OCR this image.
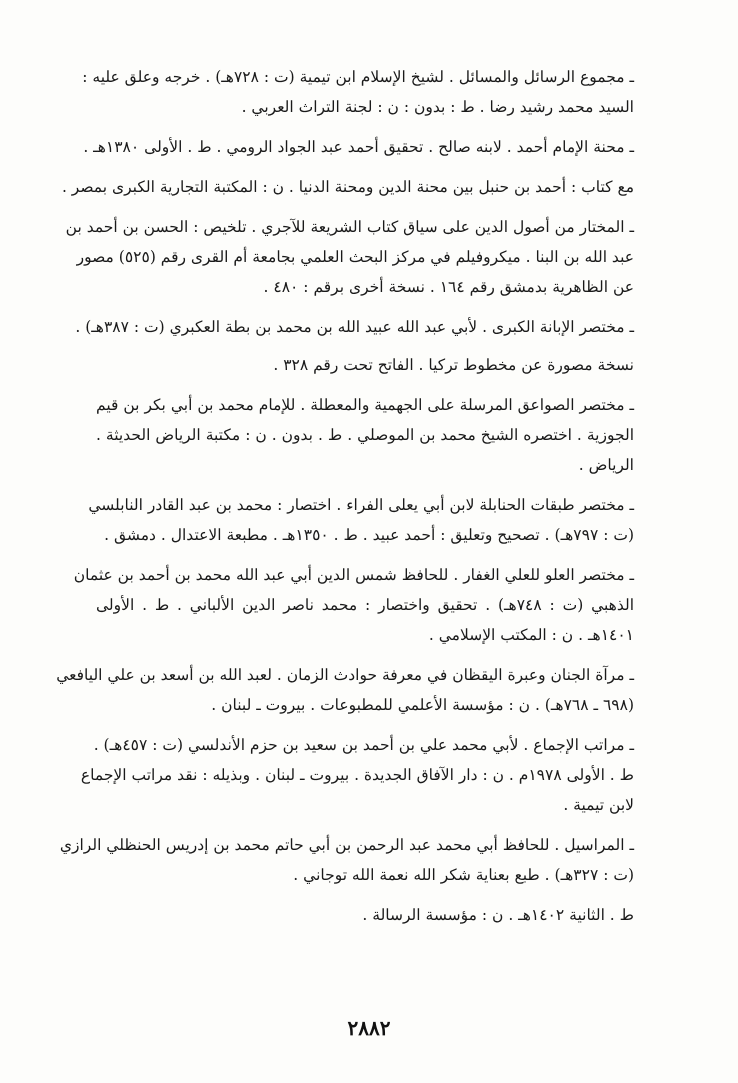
ـ مجموع الرسائل والمسائل . لشيخ الإسلام ابن تيمية (ت : ٧٢٨هـ) . خرجه وعلق عليه :
السيد محمد رشيد رضا . ط : بدون : ن : لجنة التراث العربي .
ـ محنة الإمام أحمد . لابنه صالح . تحقيق أحمد عبد الجواد الرومي . ط . الأولى ١٣٨٠هـ .
مع كتاب : أحمد بن حنبل بين محنة الدين ومحنة الدنيا . ن : المكتبة التجارية الكبرى بمصر .
ـ المختار من أصول الدين على سياق كتاب الشريعة للآجري . تلخيص : الحسن بن أحمد بن
عبد الله بن البنا . ميكروفيلم في مركز البحث العلمي بجامعة أم القرى رقم (٥٢٥) مصور
عن الظاهرية بدمشق رقم ١٦٤ . نسخة أخرى برقم : ٤٨٠ .
ـ مختصر الإبانة الكبرى . لأبي عبد الله عبيد الله بن محمد بن بطة العكبري (ت : ٣٨٧هـ) .
نسخة مصورة عن مخطوط تركيا . الفاتح تحت رقم ٣٢٨ .
ـ مختصر الصواعق المرسلة على الجهمية والمعطلة . للإمام محمد بن أبي بكر بن قيم
الجوزية . اختصره الشيخ محمد بن الموصلي . ط . بدون . ن : مكتبة الرياض الحديثة .
الرياض .
ـ مختصر طبقات الحنابلة لابن أبي يعلى الفراء . اختصار : محمد بن عبد القادر النابلسي
(ت : ٧٩٧هـ) . تصحيح وتعليق : أحمد عبيد . ط . ١٣٥٠هـ . مطبعة الاعتدال . دمشق .
ـ مختصر العلو للعلي الغفار . للحافظ شمس الدين أبي عبد الله محمد بن أحمد بن عثمان
الذهبي (ت : ٧٤٨هـ) . تحقيق واختصار : محمد ناصر الدين الألباني . ط . الأولى
١٤٠١هـ . ن : المكتب الإسلامي .
ـ مرآة الجنان وعبرة اليقظان في معرفة حوادث الزمان . لعبد الله بن أسعد بن علي اليافعي
(٦٩٨ ـ ٧٦٨هـ) . ن : مؤسسة الأعلمي للمطبوعات . بيروت ـ لبنان .
ـ مراتب الإجماع . لأبي محمد علي بن أحمد بن سعيد بن حزم الأندلسي (ت : ٤٥٧هـ) .
ط . الأولى ١٩٧٨م . ن : دار الآفاق الجديدة . بيروت ـ لبنان . وبذيله : نقد مراتب الإجماع
لابن تيمية .
ـ المراسيل . للحافظ أبي محمد عبد الرحمن بن أبي حاتم محمد بن إدريس الحنظلي الرازي
(ت : ٣٢٧هـ) . طبع بعناية شكر الله نعمة الله توجاني .
ط . الثانية ١٤٠٢هـ . ن : مؤسسة الرسالة .
٢٨٨٢
